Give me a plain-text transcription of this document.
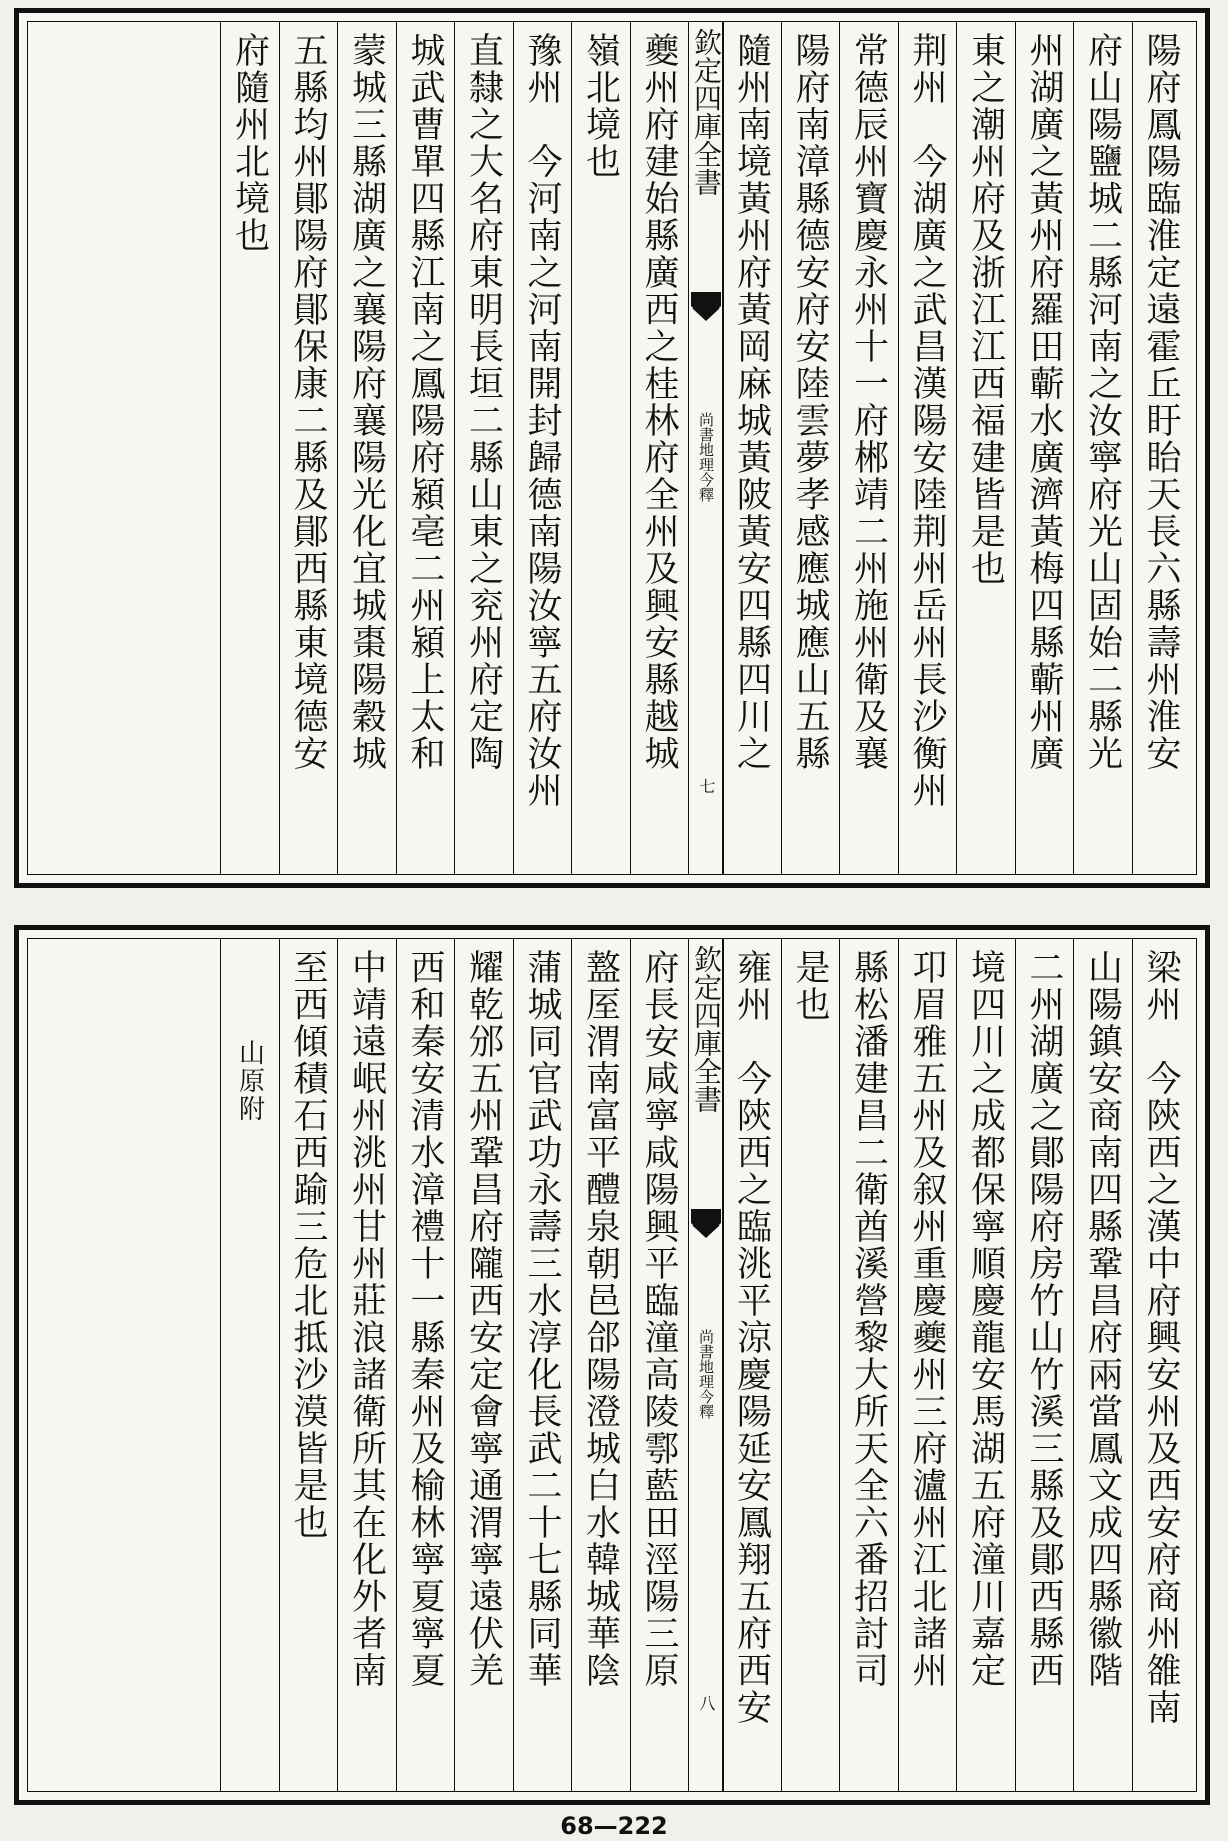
陽府鳳陽臨淮定遠霍丘盱眙天長六縣壽州淮安
府山陽鹽城二縣河南之汝寧府光山固始二縣光
州湖廣之黃州府羅田蘄水廣濟黃梅四縣蘄州廣
東之潮州府及浙江江西福建皆是也
荆州　今湖廣之武昌漢陽安陸荆州岳州長沙衡州
常德辰州寶慶永州十一府郴靖二州施州衛及襄
陽府南漳縣德安府安陸雲夢孝感應城應山五縣
隨州南境黃州府黃岡麻城黃陂黃安四縣四川之
欽定四庫全書
尚書地理今釋
七
夔州府建始縣廣西之桂林府全州及興安縣越城
嶺北境也
豫州　今河南之河南開封歸德南陽汝寧五府汝州
直隸之大名府東明長垣二縣山東之兖州府定陶
城武曹單四縣江南之鳳陽府潁亳二州潁上太和
蒙城三縣湖廣之襄陽府襄陽光化宜城棗陽穀城
五縣均州鄖陽府鄖保康二縣及鄖西縣東境德安
府隨州北境也
梁州　今陝西之漢中府興安州及西安府商州雒南
山陽鎮安商南四縣鞏昌府兩當鳳文成四縣徽階
二州湖廣之鄖陽府房竹山竹溪三縣及鄖西縣西
境四川之成都保寧順慶龍安馬湖五府潼川嘉定
卭眉雅五州及叙州重慶夔州三府瀘州江北諸州
縣松潘建昌二衛酋溪營黎大所天全六番招討司
是也
雍州　今陝西之臨洮平涼慶陽延安鳳翔五府西安
欽定四庫全書
尚書地理今釋
八
府長安咸寧咸陽興平臨潼高陵鄠藍田涇陽三原
盩厔渭南富平醴泉朝邑郃陽澄城白水韓城華陰
蒲城同官武功永壽三水淳化長武二十七縣同華
耀乾邠五州鞏昌府隴西安定會寧通渭寧遠伏羌
西和秦安清水漳禮十一縣秦州及榆林寧夏寧夏
中靖遠岷州洮州甘州莊浪諸衛所其在化外者南
至西傾積石西踰三危北抵沙漠皆是也
山原附
68—222
